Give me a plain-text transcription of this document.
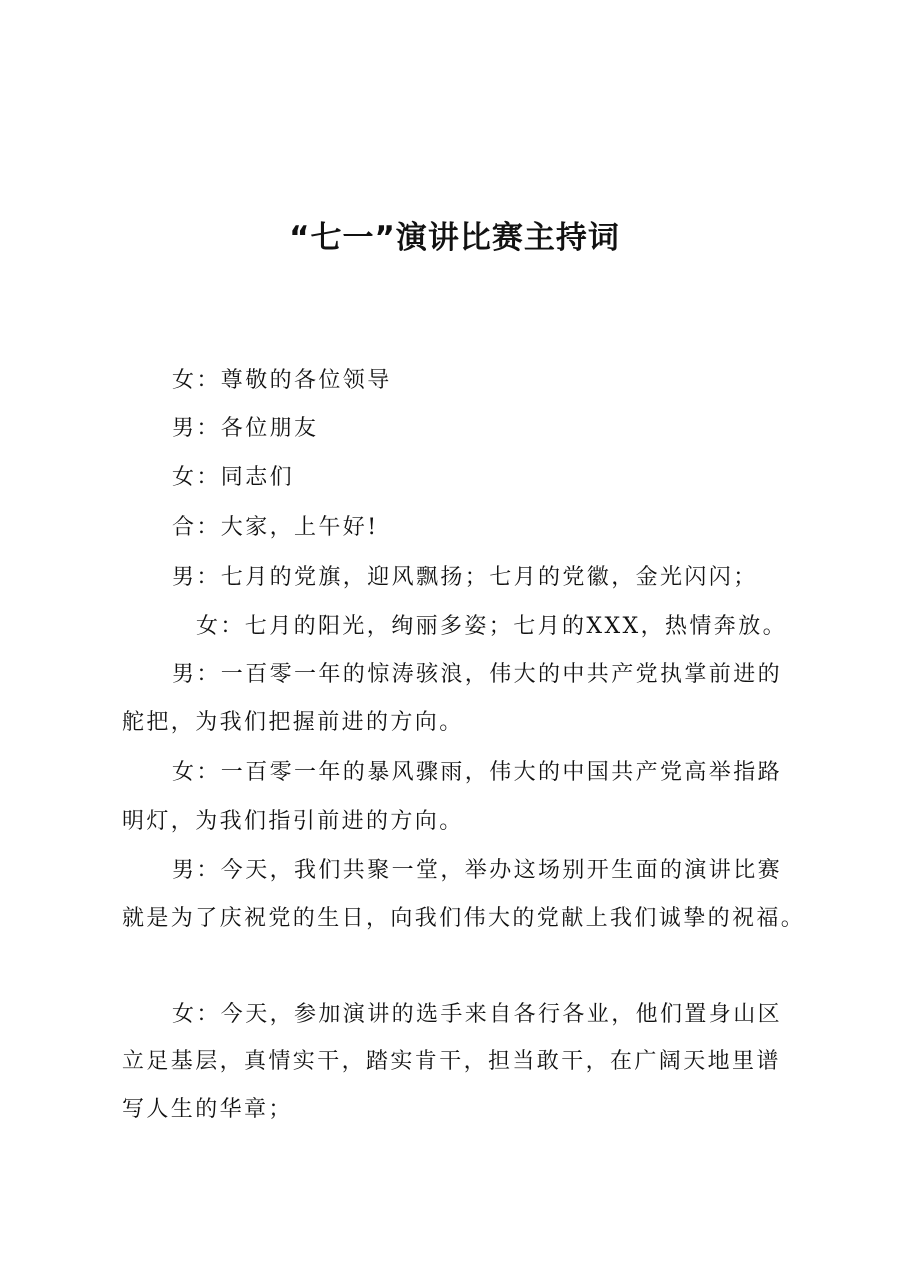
“七一”演讲比赛主持词
女：尊敬的各位领导
男：各位朋友
女：同志们
合：大家，上午好!
男：七月的党旗，迎风飘扬；七月的党徽，金光闪闪；
女：七月的阳光，绚丽多姿；七月的XXX，热情奔放。
男：一百零一年的惊涛骇浪，伟大的中共产党执掌前进的
舵把，为我们把握前进的方向。
女：一百零一年的暴风骤雨，伟大的中国共产党高举指路
明灯，为我们指引前进的方向。
男：今天，我们共聚一堂，举办这场别开生面的演讲比赛
就是为了庆祝党的生日，向我们伟大的党献上我们诚挚的祝福。
女：今天，参加演讲的选手来自各行各业，他们置身山区
立足基层，真情实干，踏实肯干，担当敢干，在广阔天地里谱
写人生的华章；
